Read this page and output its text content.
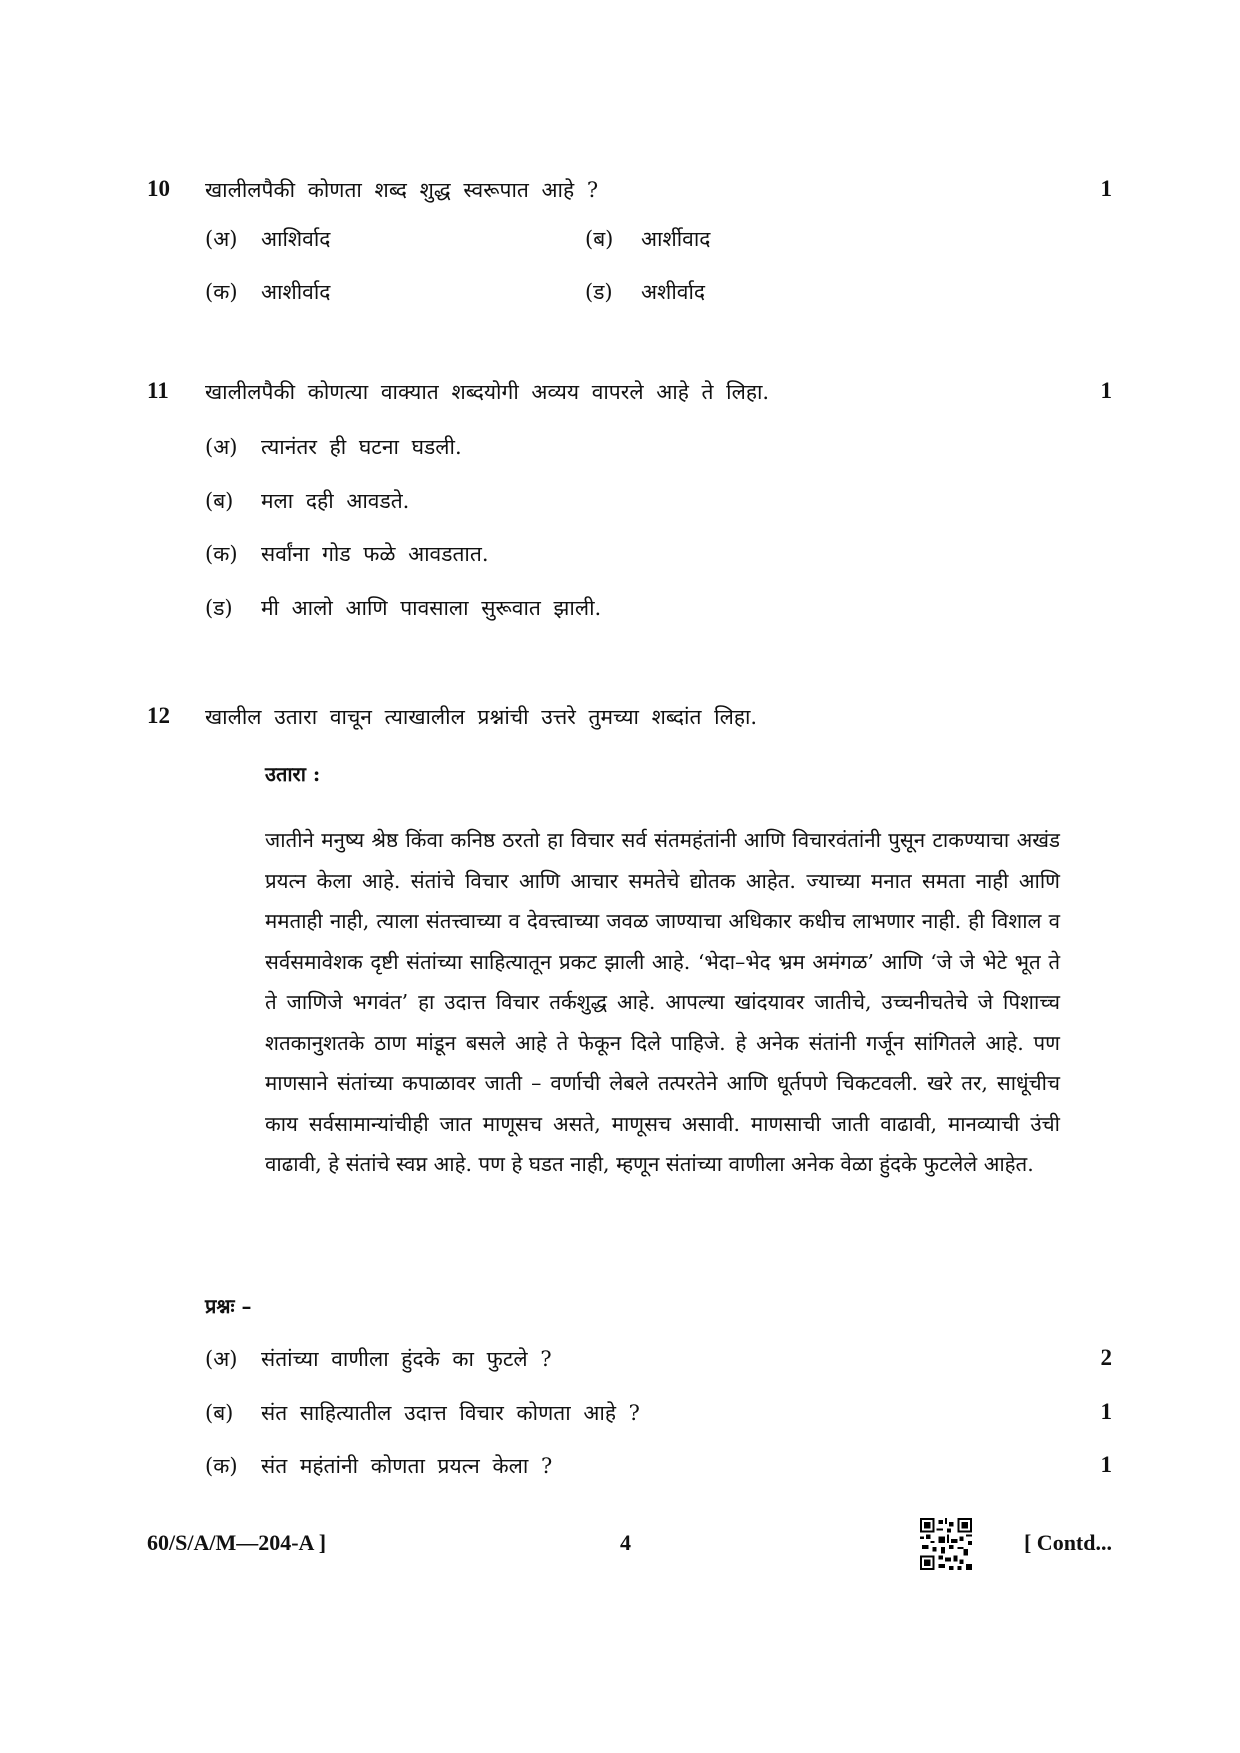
10 खालीलपैकी कोणता शब्द शुद्ध स्वरूपात आहे ?	1
(अ) आशिर्वाद	(ब) आर्शीवाद
(क) आशीर्वाद	(ड) अशीर्वाद
11 खालीलपैकी कोणत्या वाक्यात शब्दयोगी अव्यय वापरले आहे ते लिहा.	1
(अ) त्यानंतर ही घटना घडली.
(ब) मला दही आवडते.
(क) सर्वांना गोड फळे आवडतात.
(ड) मी आलो आणि पावसाला सुरूवात झाली.
12 खालील उतारा वाचून त्याखालील प्रश्नांची उत्तरे तुमच्या शब्दांत लिहा.
उतारा :

जातीने मनुष्य श्रेष्ठ किंवा कनिष्ठ ठरतो हा विचार सर्व संतमहंतांनी आणि विचारवंतांनी पुसून टाकण्याचा अखंड प्रयत्न केला आहे. संतांचे विचार आणि आचार समतेचे द्योतक आहेत. ज्याच्या मनात समता नाही आणि ममताही नाही, त्याला संतत्त्वाच्या व देवत्त्वाच्या जवळ जाण्याचा अधिकार कधीच लाभणार नाही. ही विशाल व सर्वसमावेशक दृष्टी संतांच्या साहित्यातून प्रकट झाली आहे. ‘भेदा–भेद भ्रम अमंगळ’ आणि ‘जे जे भेटे भूत ते ते जाणिजे भगवंत’ हा उदात्त विचार तर्कशुद्ध आहे. आपल्या खांदयावर जातीचे, उच्चनीचतेचे जे पिशाच्च शतकानुशतके ठाण मांडून बसले आहे ते फेकून दिले पाहिजे. हे अनेक संतांनी गर्जून सांगितले आहे. पण माणसाने संतांच्या कपाळावर जाती – वर्णाची लेबले तत्परतेने आणि धूर्तपणे चिकटवली. खरे तर, साधूंचीच काय सर्वसामान्यांचीही जात माणूसच असते, माणूसच असावी. माणसाची जाती वाढावी, मानव्याची उंची वाढावी, हे संतांचे स्वप्न आहे. पण हे घडत नाही, म्हणून संतांच्या वाणीला अनेक वेळा हुंदके फुटलेले आहेत.

प्रश्नः –
(अ) संतांच्या वाणीला हुंदके का फुटले ?	2
(ब) संत साहित्यातील उदात्त विचार कोणता आहे ?	1
(क) संत महंतांनी कोणता प्रयत्न केला ?	1
60/S/A/M—204-A ]	4	[ Contd...
